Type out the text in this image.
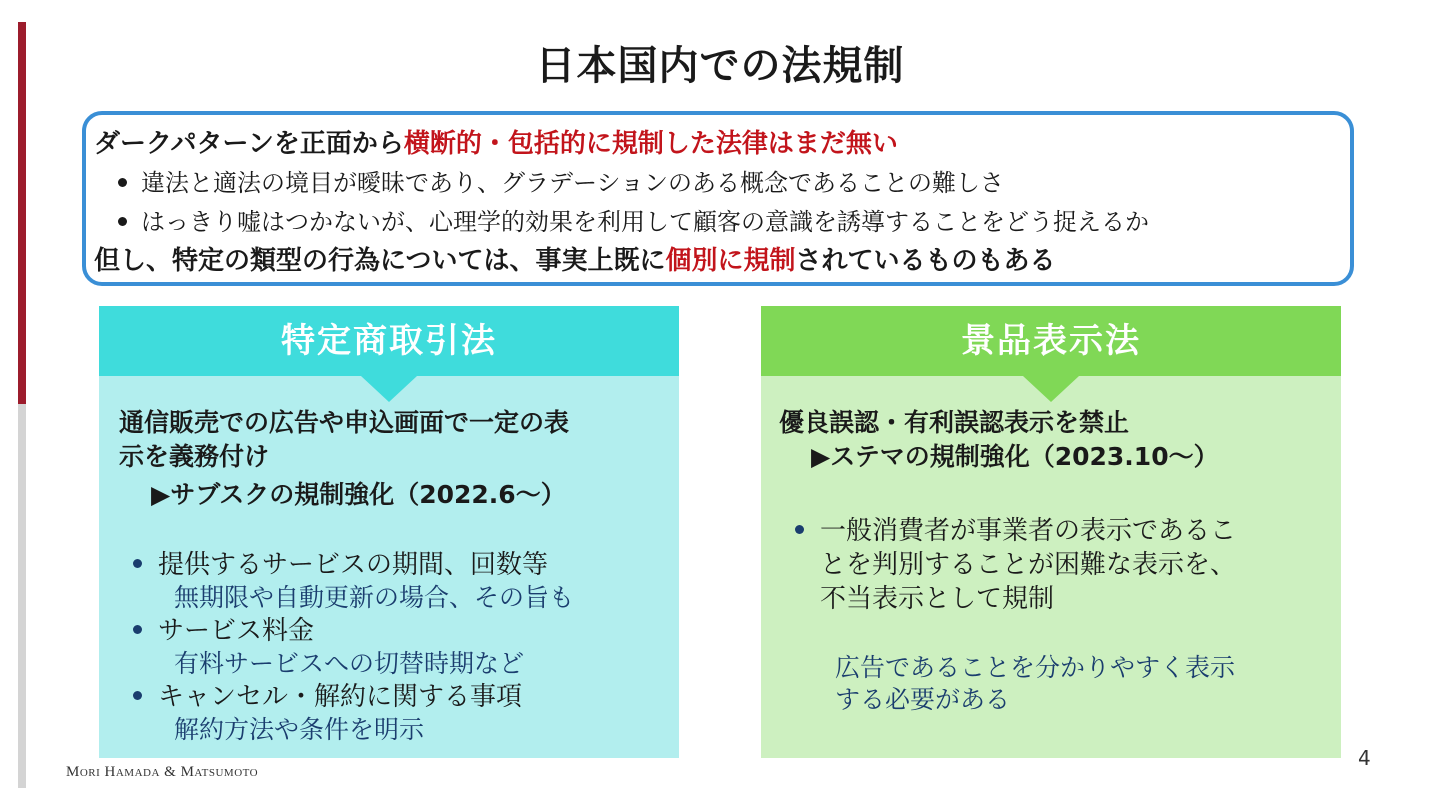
日本国内での法規制
ダークパターンを正面から横断的・包括的に規制した法律はまだ無い
違法と適法の境目が曖昧であり、グラデーションのある概念であることの難しさ
はっきり嘘はつかないが、心理学的効果を利用して顧客の意識を誘導することをどう捉えるか
但し、特定の類型の行為については、事実上既に個別に規制されているものもある
特定商取引法
通信販売での広告や申込画面で一定の表
示を義務付け
▶サブスクの規制強化（2022.6〜）
提供するサービスの期間、回数等
無期限や自動更新の場合、その旨も
サービス料金
有料サービスへの切替時期など
キャンセル・解約に関する事項
解約方法や条件を明示
景品表示法
優良誤認・有利誤認表示を禁止
▶ステマの規制強化（2023.10〜）
一般消費者が事業者の表示であるこ
とを判別することが困難な表示を、
不当表示として規制
広告であることを分かりやすく表示
する必要がある
Mori Hamada & Matsumoto
4
